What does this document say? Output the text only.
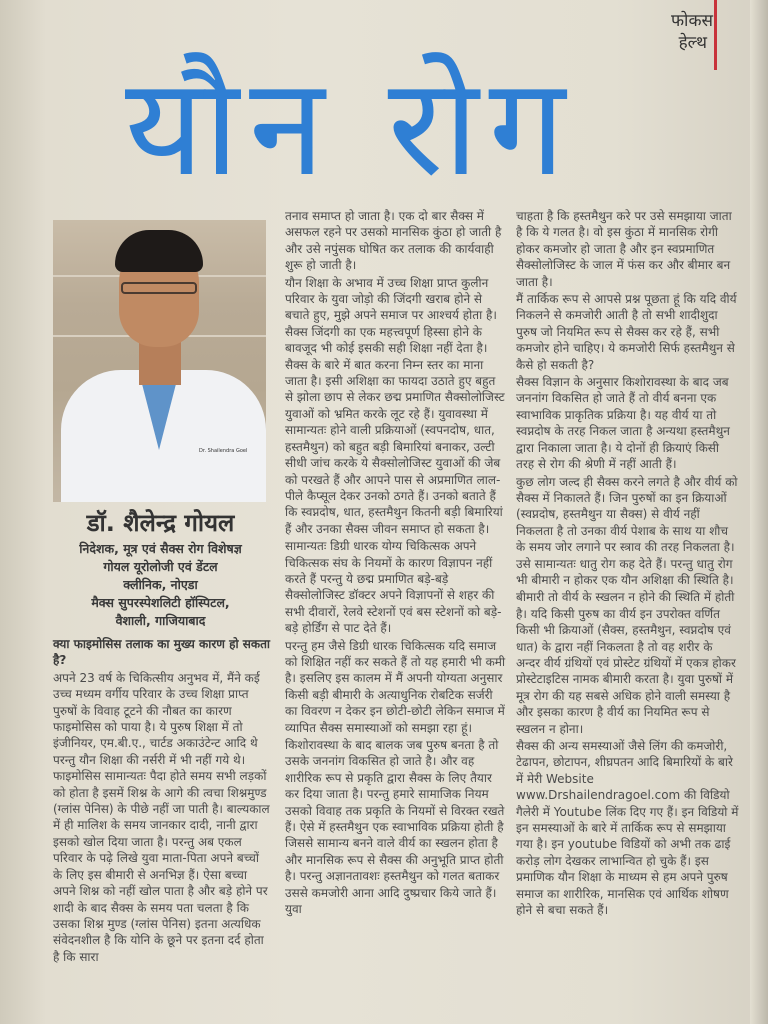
फोकस
हेल्थ
यौन रोग
Dr. Shailendra Goel
डॉ. शैलेन्द्र गोयल
निदेशक, मूत्र एवं सैक्स रोग विशेषज्ञ
गोयल यूरोलोजी एवं डेंटल
क्लीनिक, नोएडा
मैक्स सुपरस्पेशलिटी हॉस्पिटल,
वैशाली, गाजियाबाद

क्या फाइमोसिस तलाक का मुख्य कारण हो सकता है?

अपने 23 वर्ष के चिकित्सीय अनुभव में, मैंने कई उच्च मध्यम वर्गीय परिवार के उच्च शिक्षा प्राप्त पुरुषों के विवाह टूटने की नौबत का कारण फाइमोसिस को पाया है। ये पुरुष शिक्षा में तो इंजीनियर, एम.बी.ए., चार्टड अकाउंटेन्ट आदि थे परन्तु यौन शिक्षा की नर्सरी में भी नहीं गये थे। फाइमोसिस सामान्यतः पैदा होते समय सभी लड़कों को होता है इसमें शिश्न के आगे की त्वचा शिश्नमुण्ड (ग्लांस पेनिस) के पीछे नहीं जा पाती है। बाल्यकाल में ही मालिश के समय जानकार दादी, नानी द्वारा इसको खोल दिया जाता है। परन्तु अब एकल परिवार के पढ़े लिखे युवा माता-पिता अपने बच्चों के लिए इस बीमारी से अनभिज्ञ हैं। ऐसा बच्चा अपने शिश्न को नहीं खोल पाता है और बड़े होने पर शादी के बाद सैक्स के समय पता चलता है कि उसका शिश्न मुण्ड (ग्लांस पेनिस) इतना अत्यधिक संवेदनशील है कि योनि के छूने पर इतना दर्द होता है कि सारा

तनाव समाप्त हो जाता है। एक दो बार सैक्स में असफल रहने पर उसको मानसिक कुंठा हो जाती है और उसे नपुंसक घोषित कर तलाक की कार्यवाही शुरू हो जाती है।

यौन शिक्षा के अभाव में उच्च शिक्षा प्राप्त कुलीन परिवार के युवा जोड़ो की जिंदगी खराब होने से बचाते हुए, मुझे अपने समाज पर आश्चर्य होता है। सैक्स जिंदगी का एक महत्त्वपूर्ण हिस्सा होने के बावजूद भी कोई इसकी सही शिक्षा नहीं देता है। सैक्स के बारे में बात करना निम्न स्तर का माना जाता है। इसी अशिक्षा का फायदा उठाते हुए बहुत से झोला छाप से लेकर छद्म प्रमाणित सैक्सोलोजिस्ट युवाओं को भ्रमित करके लूट रहे हैं। युवावस्था में सामान्यतः होने वाली प्रक्रियाओं (स्वपनदोष, धात, हस्तमैथुन) को बहुत बड़ी बिमारियां बनाकर, उल्टी सीधी जांच करके ये सैक्सोलोजिस्ट युवाओं की जेब को परखते हैं और आपने पास से अप्रमाणित लाल-पीले कैप्सूल देकर उनको ठगते हैं। उनको बताते हैं कि स्वप्नदोष, धात, हस्तमैथुन कितनी बड़ी बिमारियां हैं और उनका सैक्स जीवन समाप्त हो सकता है।

सामान्यतः डिग्री धारक योग्य चिकित्सक अपने चिकित्सक संघ के नियमों के कारण विज्ञापन नहीं करते हैं परन्तु ये छद्म प्रमाणित बड़े-बड़े सैक्सोलोजिस्ट डॉक्टर अपने विज्ञापनों से शहर की सभी दीवारों, रेलवे स्टेशनों एवं बस स्टेशनों को बड़े-बड़े होर्डिंग से पाट देते हैं।

परन्तु हम जैसे डिग्री धारक चिकित्सक यदि समाज को शिक्षित नहीं कर सकते हैं तो यह हमारी भी कमी है। इसलिए इस कालम में मैं अपनी योग्यता अनुसार किसी बड़ी बीमारी के अत्याधुनिक रोबटिक सर्जरी का विवरण न देकर इन छोटी-छोटी लेकिन समाज में व्यापित सैक्स समास्याओं को समझा रहा हूं।

किशोरावस्था के बाद बालक जब पुरुष बनता है तो उसके जननांग विकसित हो जाते है। और वह शारीरिक रूप से प्रकृति द्वारा सैक्स के लिए तैयार कर दिया जाता है। परन्तु हमारे सामाजिक नियम उसको विवाह तक प्रकृति के नियमों से विरक्त रखते हैं। ऐसे में हस्तमैथुन एक स्वाभाविक प्रक्रिया होती है जिससे सामान्य बनने वाले वीर्य का स्खलन होता है और मानसिक रूप से सैक्स की अनुभूति प्राप्त होती है। परन्तु अज्ञानतावशः हस्तमैथुन को गलत बताकर उससे कमजोरी आना आदि दुष्प्रचार किये जाते हैं। युवा

चाहता है कि हस्तमैथुन करे पर उसे समझाया जाता है कि ये गलत है। वो इस कुंठा में मानसिक रोगी होकर कमजोर हो जाता है और इन स्वप्रमाणित सैक्सोलोजिस्ट के जाल में फंस कर और बीमार बन जाता है।

मैं तार्किक रूप से आपसे प्रश्न पूछता हूं कि यदि वीर्य निकलने से कमजोरी आती है तो सभी शादीशुदा पुरुष जो नियमित रूप से सैक्स कर रहे हैं, सभी कमजोर होने चाहिए। ये कमजोरी सिर्फ हस्तमैथुन से कैसे हो सकती है?

सैक्स विज्ञान के अनुसार किशोरावस्था के बाद जब जननांग विकसित हो जाते हैं तो वीर्य बनना एक स्वाभाविक प्राकृतिक प्रक्रिया है। यह वीर्य या तो स्वप्नदोष के तरह निकल जाता है अन्यथा हस्तमैथुन द्वारा निकाला जाता है। ये दोनों ही क्रियाएं किसी तरह से रोग की श्रेणी में नहीं आती हैं।

कुछ लोग जल्द ही सैक्स करने लगते है और वीर्य को सैक्स में निकालते हैं। जिन पुरुषों का इन क्रियाओं (स्वप्नदोष, हस्तमैथुन या सैक्स) से वीर्य नहीं निकलता है तो उनका वीर्य पेशाब के साथ या शौच के समय जोर लगाने पर स्त्राव की तरह निकलता है। उसे सामान्यतः धातु रोग कह देते हैं। परन्तु धातु रोग भी बीमारी न होकर एक यौन अशिक्षा की स्थिति है।

बीमारी तो वीर्य के स्खलन न होने की स्थिति में होती है। यदि किसी पुरुष का वीर्य इन उपरोक्त वर्णित किसी भी क्रियाओं (सैक्स, हस्तमैथुन, स्वप्नदोष एवं धात) के द्वारा नहीं निकलता है तो वह शरीर के अन्दर वीर्य ग्रंथियों एवं प्रोस्टेट ग्रंथियों में एकत्र होकर प्रोस्टेटाइटिस नामक बीमारी करता है। युवा पुरुषों में मूत्र रोग की यह सबसे अधिक होने वाली समस्या है और इसका कारण है वीर्य का नियमित रूप से स्खलन न होना।

सैक्स की अन्य समस्याओं जैसे लिंग की कमजोरी, टेढापन, छोटापन, शीघ्रपतन आदि बिमारियों के बारे में मेरी Website www.Drshailendragoel.com की विडियो गैलेरी में Youtube लिंक दिए गए हैं। इन विडियो में इन समस्याओं के बारे में तार्किक रूप से समझाया गया है। इन youtube विडियों को अभी तक ढाई करोड़ लोग देखकर लाभान्वित हो चुके हैं। इस प्रमाणिक यौन शिक्षा के माध्यम से हम अपने पुरुष समाज का शारीरिक, मानसिक एवं आर्थिक शोषण होने से बचा सकते हैं।
